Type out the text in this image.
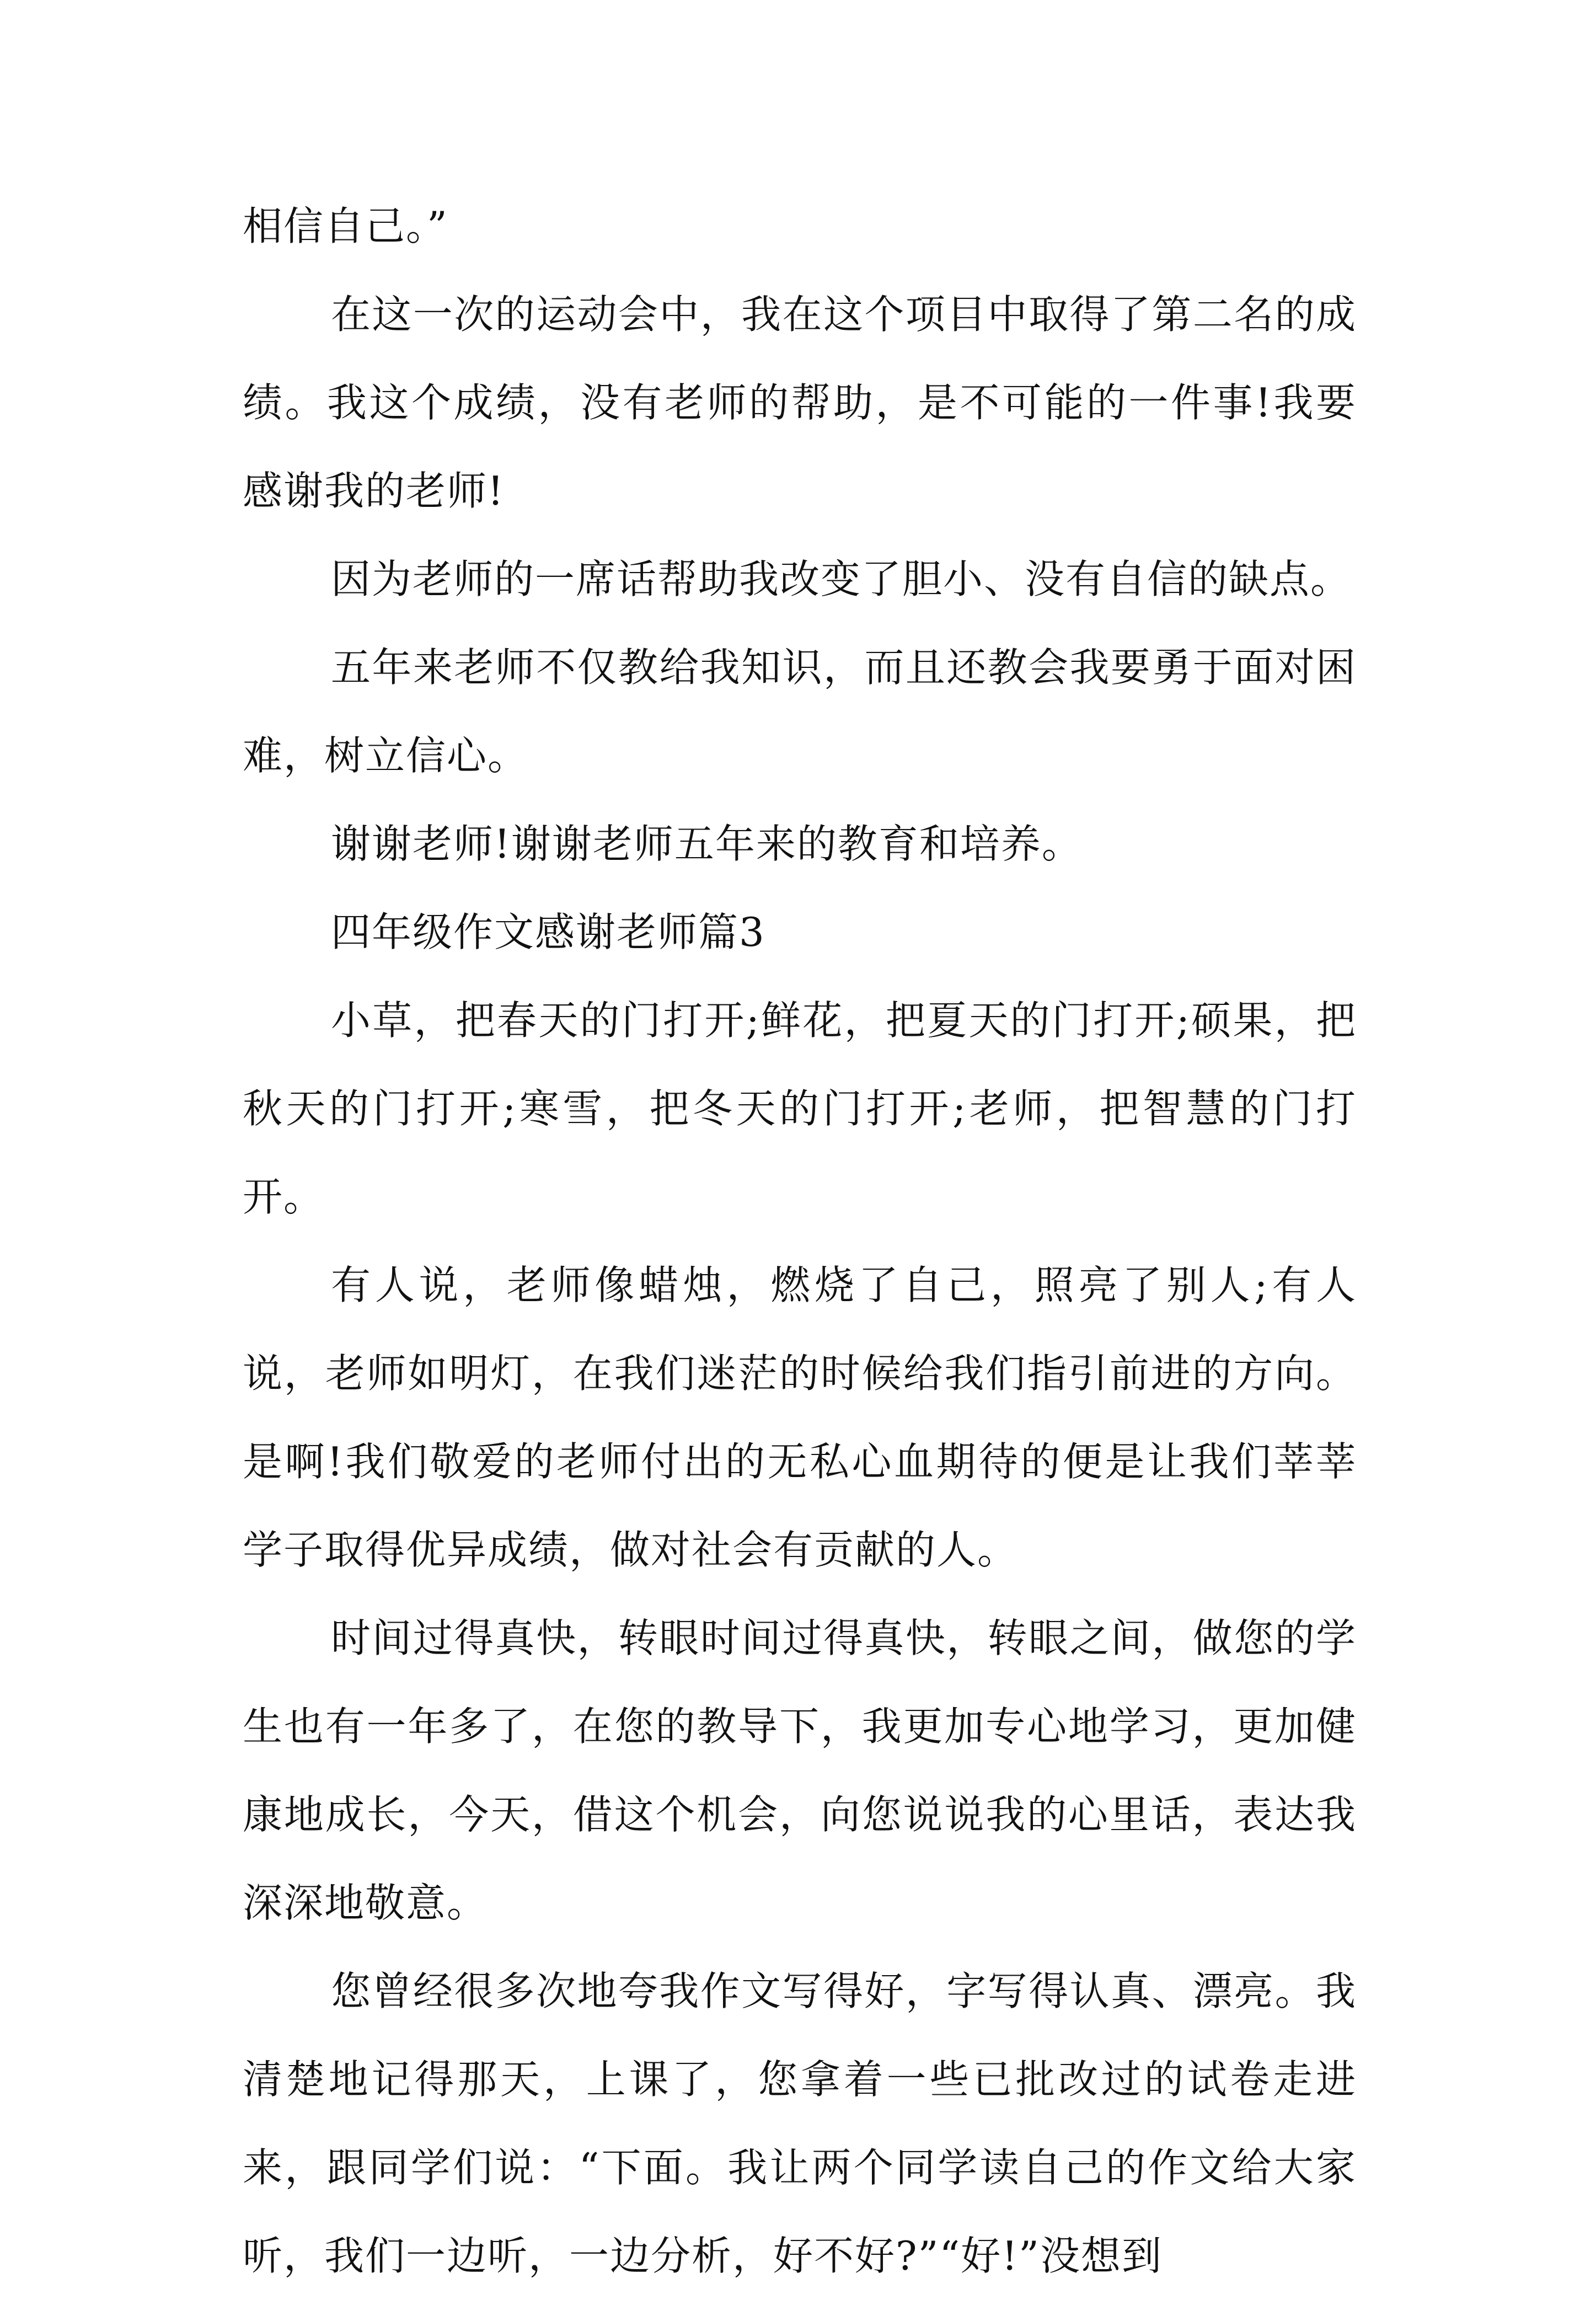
相信自己。”

在这一次的运动会中，我在这个项目中取得了第二名的成绩。我这个成绩，没有老师的帮助，是不可能的一件事!我要感谢我的老师!

因为老师的一席话帮助我改变了胆小、没有自信的缺点。

五年来老师不仅教给我知识，而且还教会我要勇于面对困难，树立信心。

谢谢老师!谢谢老师五年来的教育和培养。

四年级作文感谢老师篇3

小草，把春天的门打开;鲜花，把夏天的门打开;硕果，把秋天的门打开;寒雪，把冬天的门打开;老师，把智慧的门打开。

有人说，老师像蜡烛，燃烧了自己，照亮了别人;有人说，老师如明灯，在我们迷茫的时候给我们指引前进的方向。是啊!我们敬爱的老师付出的无私心血期待的便是让我们莘莘学子取得优异成绩，做对社会有贡献的人。

时间过得真快，转眼时间过得真快，转眼之间，做您的学生也有一年多了，在您的教导下，我更加专心地学习，更加健康地成长，今天，借这个机会，向您说说我的心里话，表达我深深地敬意。

您曾经很多次地夸我作文写得好，字写得认真、漂亮。我清楚地记得那天，上课了，您拿着一些已批改过的试卷走进来，跟同学们说：“下面。我让两个同学读自己的作文给大家听，我们一边听，一边分析，好不好?”“好!”没想到
